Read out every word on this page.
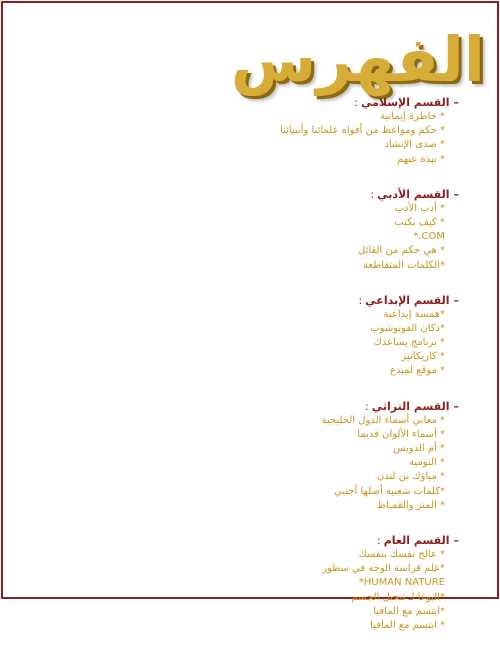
الفهرس
–القسم الإسلامي:
* خاطرة إيمانية
* حكم ومواعظ من أفواه علمائنا وأنبيائنا
* صدى الإنشاد
* نبذة عنهم
–القسم الأدبي:
* أدب الأدب
* كيف نكتب
COM.*
* هي حكم من القائل
*الكلمات المتقاطعة
–القسم الإبداعي:
*همسة إبداعية
*دكان الفوتوشوب
* برنامج يساعدك
* كاريكاتير
* موقع لمبدع
–القسم التراثي:
* معاني أسماء الدول الخليجية
* أسماء الألوان قديما
* أم الدويس
* النوميه
* مباؤك بن لندن
*كلمات شعبية أصلها أجنبي
* المنز والقمـاط
–القسم العام:
* عالج نفسك بنفسك
*علم فراسة الوجه في سطور
HUMAN NATURE*
*البوغا لـ تنحيل الجسم
*ابتسم مع المافيا
* ابتسم مع المافيا
